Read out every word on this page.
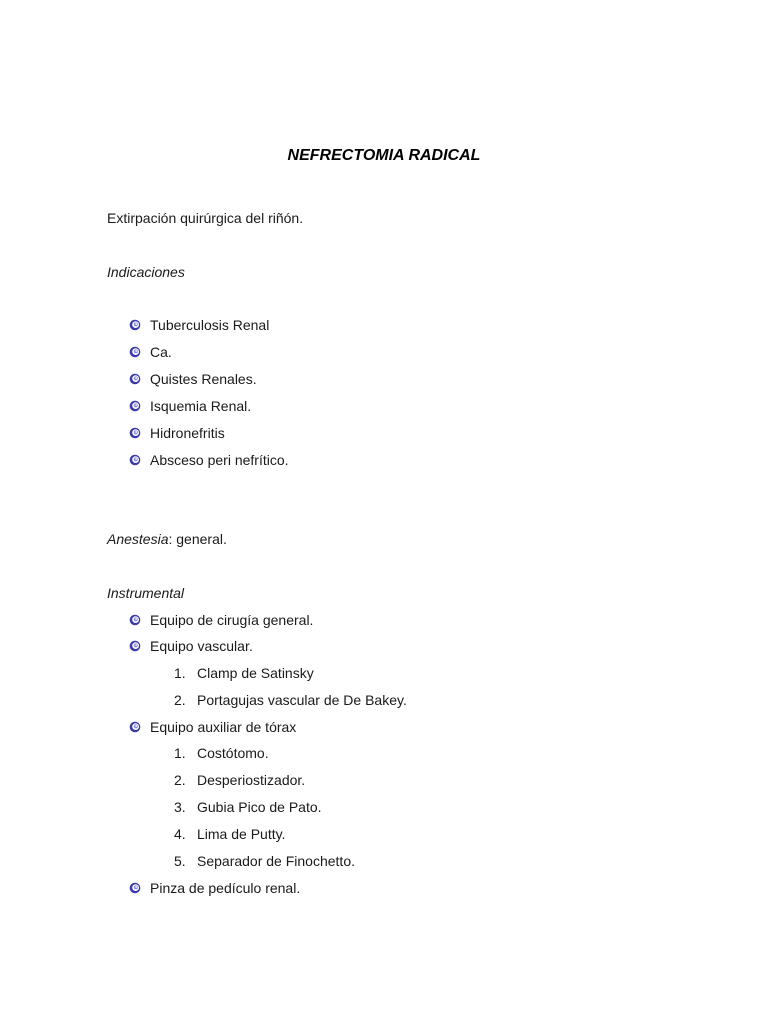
NEFRECTOMIA RADICAL
Extirpación quirúrgica del riñón.
Indicaciones
Tuberculosis Renal
Ca.
Quistes Renales.
Isquemia Renal.
Hidronefritis
Absceso peri nefrítico.
Anestesia: general.
Instrumental
Equipo de cirugía general.
Equipo vascular.
1. Clamp de Satinsky
2. Portagujas vascular de De Bakey.
Equipo auxiliar de tórax
1. Costótomo.
2. Desperiostizador.
3. Gubia Pico de Pato.
4. Lima de Putty.
5. Separador de Finochetto.
Pinza de pedículo renal.
